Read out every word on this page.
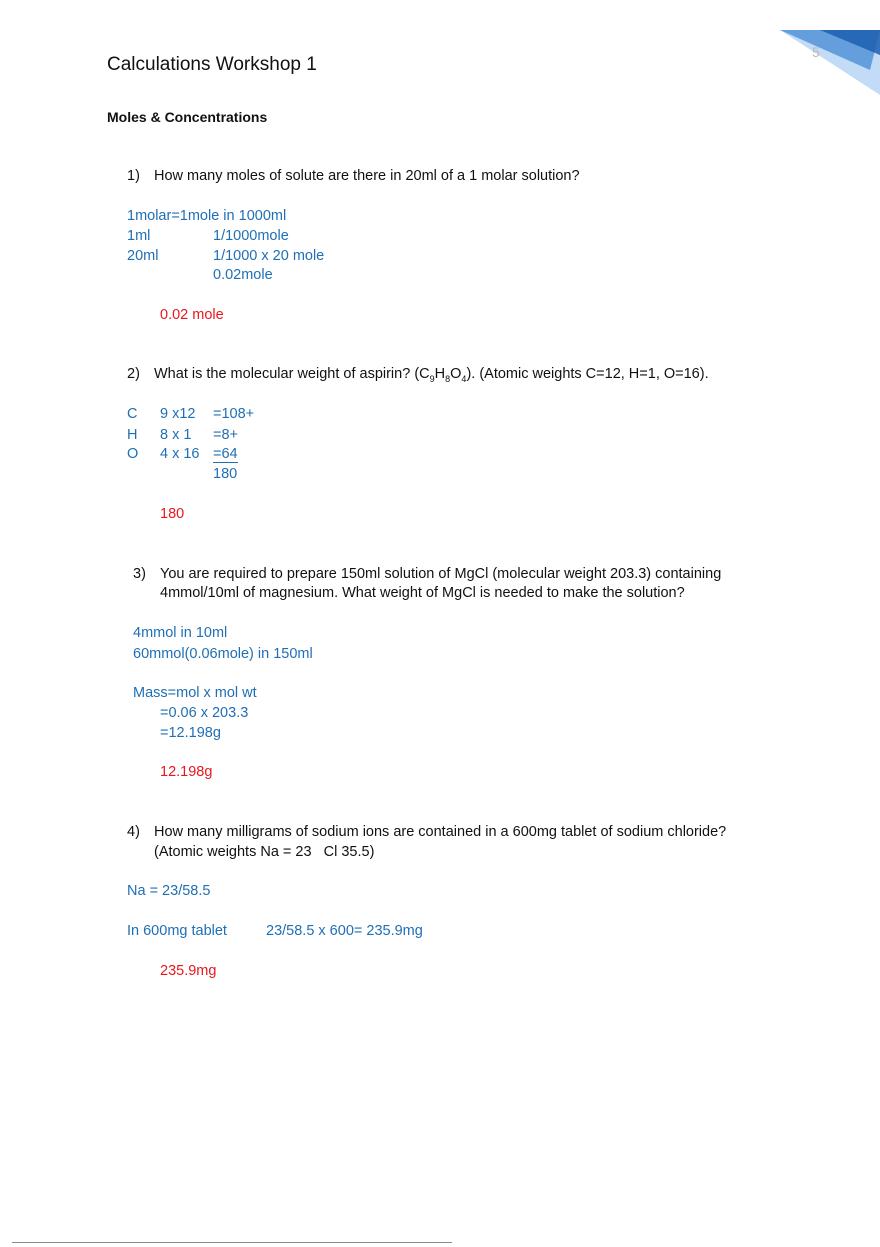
5
Calculations Workshop 1
Moles & Concentrations
1) How many moles of solute are there in 20ml of a 1 molar solution?
1molar=1mole in 1000ml
1ml	1/1000mole
20ml	1/1000 x 20 mole
0.02mole
0.02 mole
2) What is the molecular weight of aspirin? $(C_9H_8O_4)$. (Atomic weights C=12, H=1, O=16).
C 9 x12 =108+
H 8 x 1 =8+
O 4 x 16 =64
180
180
3) You are required to prepare 150ml solution of MgCl (molecular weight 203.3) containing
4mmol/10ml of magnesium. What weight of MgCl is needed to make the solution?
4mmol in 10ml
60mmol(0.06mole) in 150ml
Mass=mol x mol wt
=0.06 x 203.3
=12.198g
12.198g
4) How many milligrams of sodium ions are contained in a 600mg tablet of sodium chloride?
(Atomic weights Na = 23   Cl 35.5)
Na = 23/58.5
In 600mg tablet	23/58.5 x 600= 235.9mg
235.9mg
